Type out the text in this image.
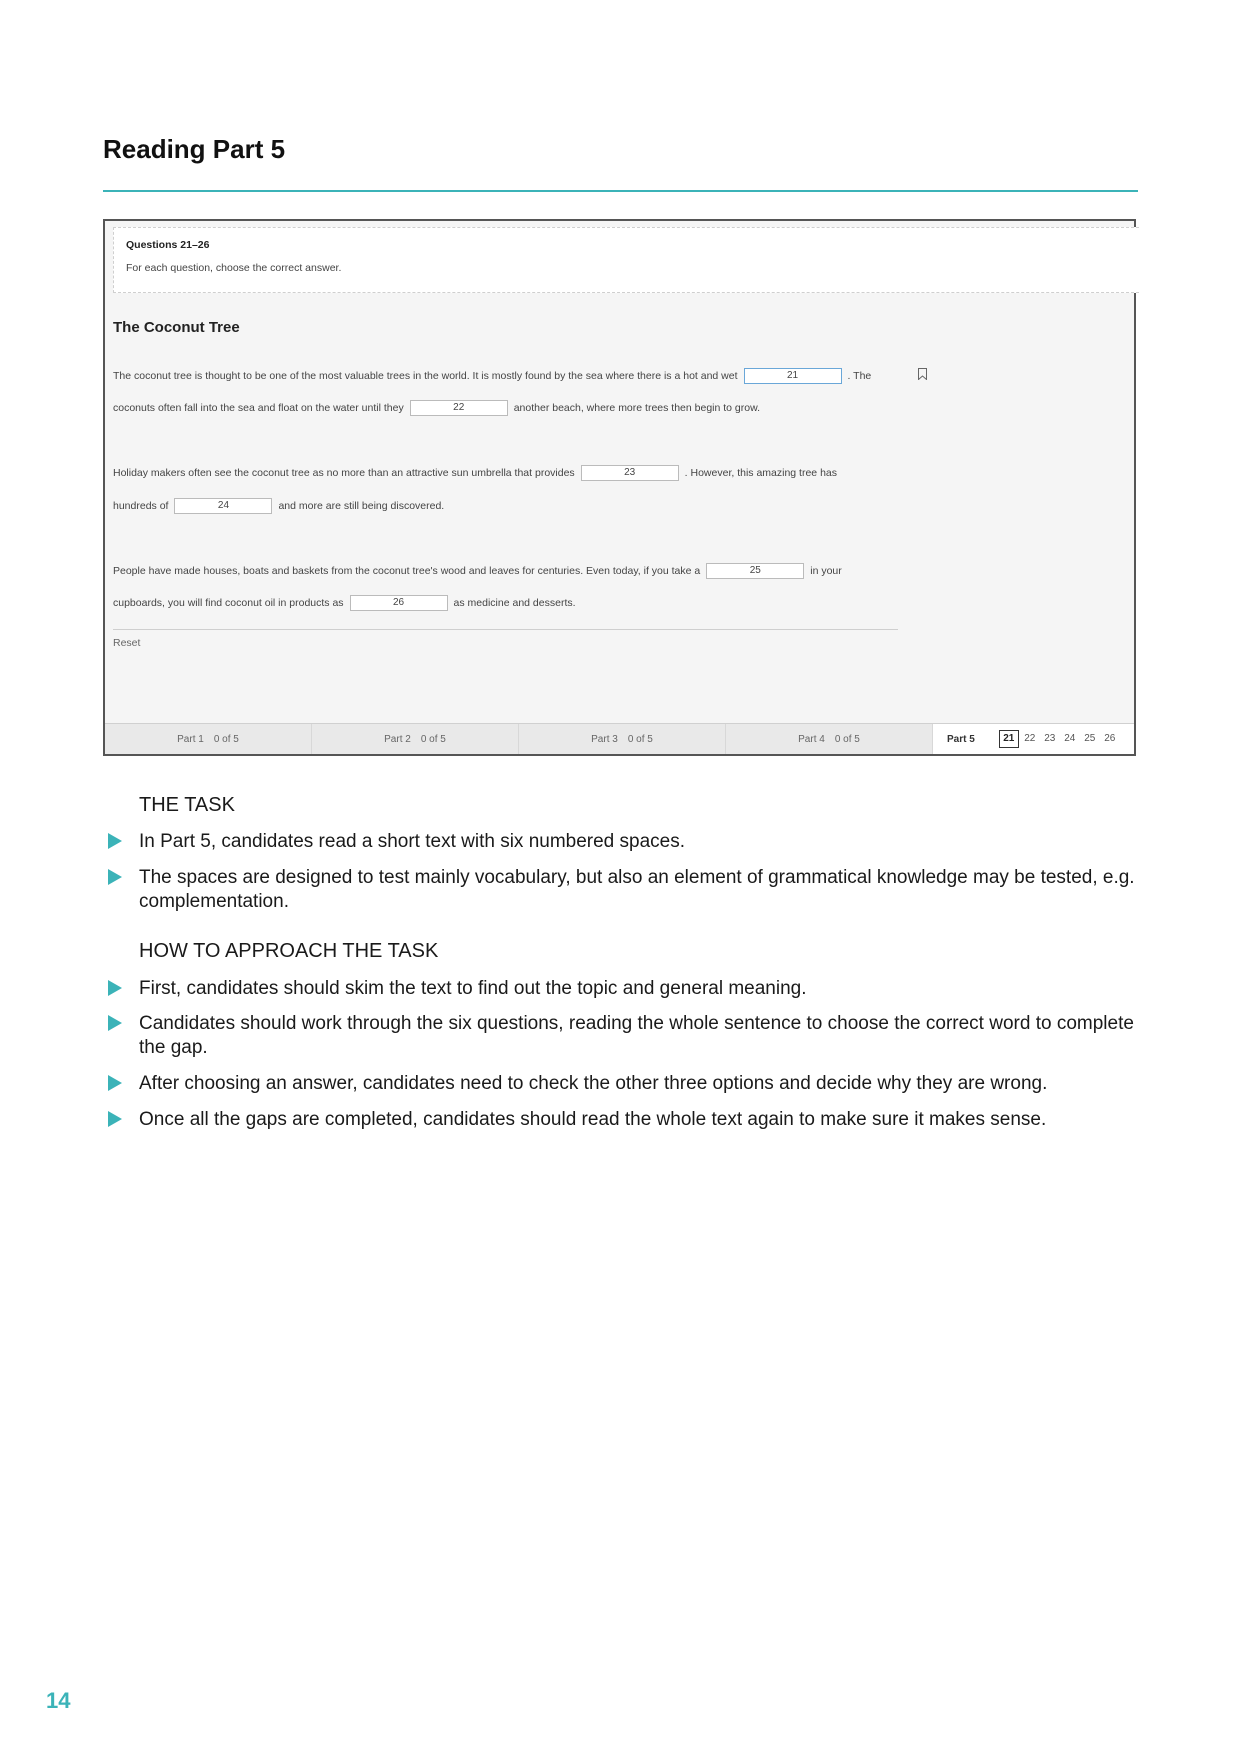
Reading Part 5
Questions 21–26
For each question, choose the correct answer.
The Coconut Tree
The coconut tree is thought to be one of the most valuable trees in the world. It is mostly found by the sea where there is a hot and wet	21	. The
coconuts often fall into the sea and float on the water until they	22	another beach, where more trees then begin to grow.
Holiday makers often see the coconut tree as no more than an attractive sun umbrella that provides	23	. However, this amazing tree has
hundreds of	24	and more are still being discovered.
People have made houses, boats and baskets from the coconut tree's wood and leaves for centuries. Even today, if you take a	25	in your
cupboards, you will find coconut oil in products as	26	as medicine and desserts.
Reset
Part 1 0 of 5	Part 2 0 of 5	Part 3 0 of 5	Part 4 0 of 5	Part 5	21 22 23 24 25 26
THE TASK
In Part 5, candidates read a short text with six numbered spaces.
The spaces are designed to test mainly vocabulary, but also an element of grammatical knowledge may be tested, e.g. complementation.
HOW TO APPROACH THE TASK
First, candidates should skim the text to find out the topic and general meaning.
Candidates should work through the six questions, reading the whole sentence to choose the correct word to complete the gap.
After choosing an answer, candidates need to check the other three options and decide why they are wrong.
Once all the gaps are completed, candidates should read the whole text again to make sure it makes sense.
14
